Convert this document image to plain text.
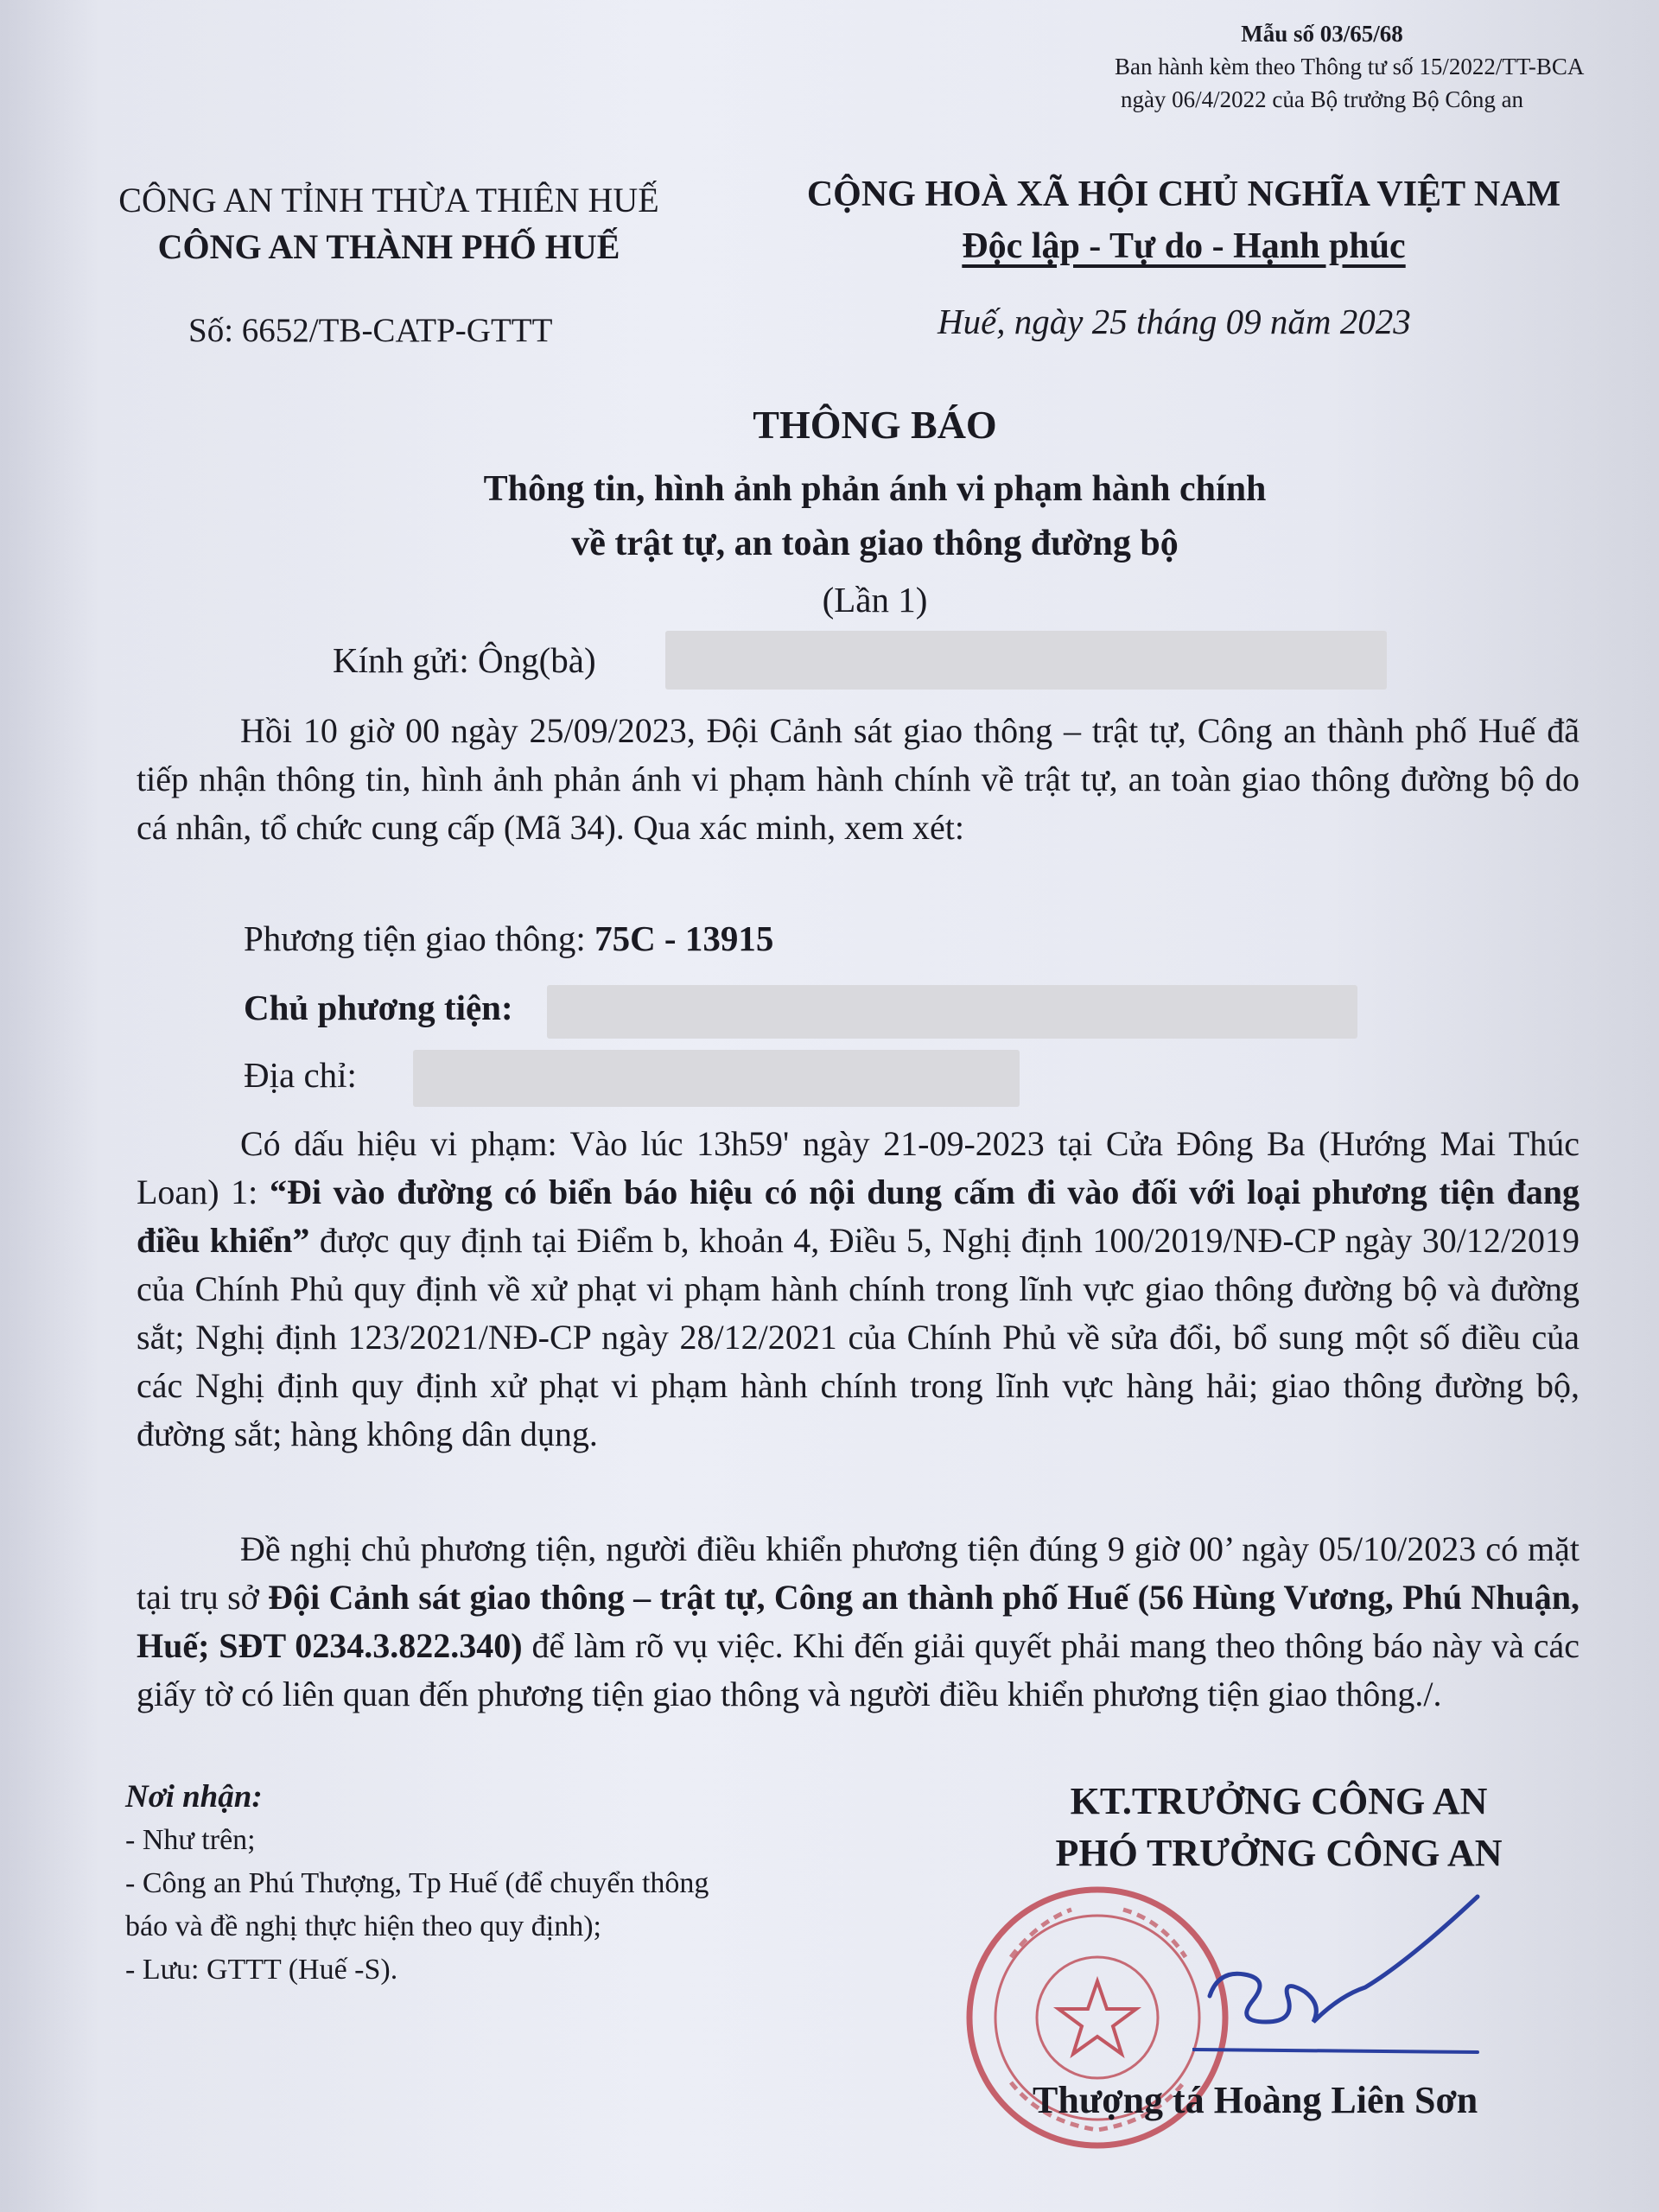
Mẫu số 03/65/68
Ban hành kèm theo Thông tư số 15/2022/TT-BCA
ngày 06/4/2022 của Bộ trưởng Bộ Công an
CÔNG AN TỈNH THỪA THIÊN HUẾ
CÔNG AN THÀNH PHỐ HUẾ
CỘNG HOÀ XÃ HỘI CHỦ NGHĨA VIỆT NAM
Độc lập - Tự do - Hạnh phúc
Số: 6652/TB-CATP-GTTT	Huế, ngày 25 tháng 09 năm 2023
THÔNG BÁO
Thông tin, hình ảnh phản ánh vi phạm hành chính
về trật tự, an toàn giao thông đường bộ
(Lần 1)
Kính gửi: Ông(bà)
Hồi 10 giờ 00 ngày 25/09/2023, Đội Cảnh sát giao thông – trật tự, Công an thành phố Huế đã tiếp nhận thông tin, hình ảnh phản ánh vi phạm hành chính về trật tự, an toàn giao thông đường bộ do cá nhân, tổ chức cung cấp (Mã 34). Qua xác minh, xem xét:
Phương tiện giao thông: 75C - 13915
Chủ phương tiện:
Địa chỉ:
Có dấu hiệu vi phạm: Vào lúc 13h59' ngày 21-09-2023 tại Cửa Đông Ba (Hướng Mai Thúc Loan) 1: “Đi vào đường có biển báo hiệu có nội dung cấm đi vào đối với loại phương tiện đang điều khiển” được quy định tại Điểm b, khoản 4, Điều 5, Nghị định 100/2019/NĐ-CP ngày 30/12/2019 của Chính Phủ quy định về xử phạt vi phạm hành chính trong lĩnh vực giao thông đường bộ và đường sắt; Nghị định 123/2021/NĐ-CP ngày 28/12/2021 của Chính Phủ về sửa đổi, bổ sung một số điều của các Nghị định quy định xử phạt vi phạm hành chính trong lĩnh vực hàng hải; giao thông đường bộ, đường sắt; hàng không dân dụng.
Đề nghị chủ phương tiện, người điều khiển phương tiện đúng 9 giờ 00’ ngày 05/10/2023 có mặt tại trụ sở Đội Cảnh sát giao thông – trật tự, Công an thành phố Huế (56 Hùng Vương, Phú Nhuận, Huế; SĐT 0234.3.822.340) để làm rõ vụ việc. Khi đến giải quyết phải mang theo thông báo này và các giấy tờ có liên quan đến phương tiện giao thông và người điều khiển phương tiện giao thông./.
Nơi nhận:
- Như trên;
- Công an Phú Thượng, Tp Huế (để chuyển thông
báo và đề nghị thực hiện theo quy định);
- Lưu: GTTT (Huế -S).
KT.TRƯỞNG CÔNG AN
PHÓ TRƯỞNG CÔNG AN
Thượng tá Hoàng Liên Sơn
